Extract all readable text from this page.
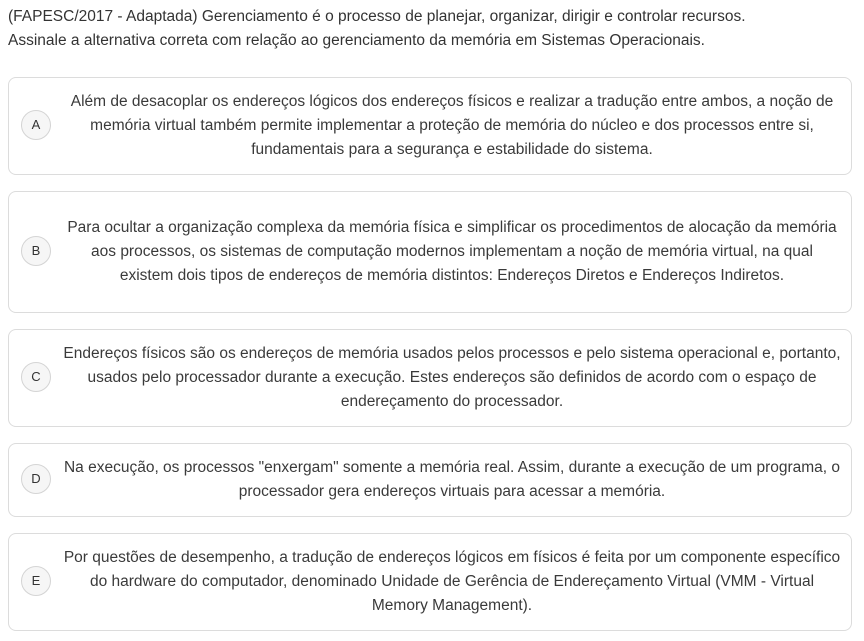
(FAPESC/2017 - Adaptada) Gerenciamento é o processo de planejar, organizar, dirigir e controlar recursos.

Assinale a alternativa correta com relação ao gerenciamento da memória em Sistemas Operacionais.

A
Além de desacoplar os endereços lógicos dos endereços físicos e realizar a tradução entre ambos, a noção de memória virtual também permite implementar a proteção de memória do núcleo e dos processos entre si, fundamentais para a segurança e estabilidade do sistema.
B
Para ocultar a organização complexa da memória física e simplificar os procedimentos de alocação da memória aos processos, os sistemas de computação modernos implementam a noção de memória virtual, na qual existem dois tipos de endereços de memória distintos: Endereços Diretos e Endereços Indiretos.
C
Endereços físicos são os endereços de memória usados pelos processos e pelo sistema operacional e, portanto, usados pelo processador durante a execução. Estes endereços são definidos de acordo com o espaço de endereçamento do processador.
D
Na execução, os processos "enxergam" somente a memória real. Assim, durante a execução de um programa, o processador gera endereços virtuais para acessar a memória.
E
Por questões de desempenho, a tradução de endereços lógicos em físicos é feita por um componente específico do hardware do computador, denominado Unidade de Gerência de Endereçamento Virtual (VMM - Virtual Memory Management).
